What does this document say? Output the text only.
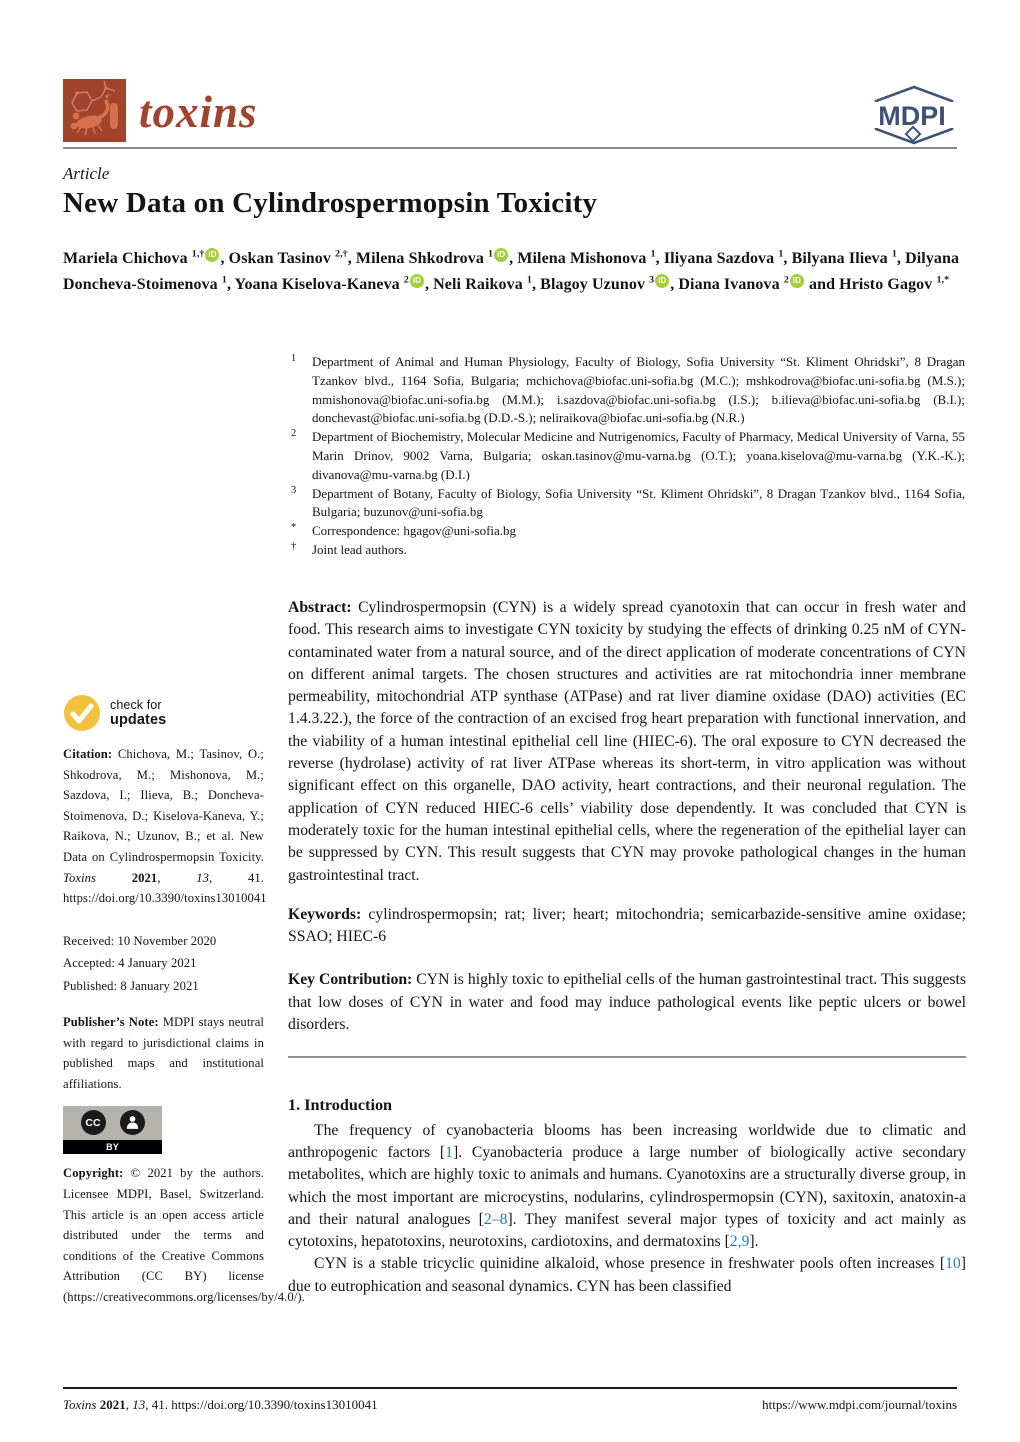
toxins	MDPI
Article
New Data on Cylindrospermopsin Toxicity
Mariela Chichova $^{1,\dagger}$ iD , Oskan Tasinov $^{2,\dagger}$, Milena Shkodrova $^1$ iD , Milena Mishonova $^1$, Iliyana Sazdova $^1$, Bilyana Ilieva $^1$, Dilyana Doncheva-Stoimenova $^1$, Yoana Kiselova-Kaneva $^2$ iD , Neli Raikova $^1$, Blagoy Uzunov $^3$ iD , Diana Ivanova $^2$ iD and Hristo Gagov $^{1,*}$
1 Department of Animal and Human Physiology, Faculty of Biology, Sofia University “St. Kliment Ohridski”, 8 Dragan Tzankov blvd., 1164 Sofia, Bulgaria; mchichova@biofac.uni-sofia.bg (M.C.); mshkodrova@biofac.uni-sofia.bg (M.S.); mmishonova@biofac.uni-sofia.bg (M.M.); i.sazdova@biofac.uni-sofia.bg (I.S.); b.ilieva@biofac.uni-sofia.bg (B.I.); donchevast@biofac.uni-sofia.bg (D.D.-S.); neliraikova@biofac.uni-sofia.bg (N.R.)
2 Department of Biochemistry, Molecular Medicine and Nutrigenomics, Faculty of Pharmacy, Medical University of Varna, 55 Marin Drinov, 9002 Varna, Bulgaria; oskan.tasinov@mu-varna.bg (O.T.); yoana.kiselova@mu-varna.bg (Y.K.-K.); divanova@mu-varna.bg (D.I.)
3 Department of Botany, Faculty of Biology, Sofia University “St. Kliment Ohridski”, 8 Dragan Tzankov blvd., 1164 Sofia, Bulgaria; buzunov@uni-sofia.bg
* Correspondence: hgagov@uni-sofia.bg
† Joint lead authors.
check for
updates
Citation: Chichova, M.; Tasinov, O.; Shkodrova, M.; Mishonova, M.; Sazdova, I.; Ilieva, B.; Doncheva-Stoimenova, D.; Kiselova-Kaneva, Y.; Raikova, N.; Uzunov, B.; et al. New Data on Cylindrospermopsin Toxicity. Toxins 2021, 13, 41. https://doi.org/10.3390/toxins13010041
Received: 10 November 2020
Accepted: 4 January 2021
Published: 8 January 2021
Publisher’s Note: MDPI stays neutral with regard to jurisdictional claims in published maps and institutional affiliations.
CC
BY
Copyright: © 2021 by the authors. Licensee MDPI, Basel, Switzerland. This article is an open access article distributed under the terms and conditions of the Creative Commons Attribution (CC BY) license (https://creativecommons.org/licenses/by/4.0/).
Abstract: Cylindrospermopsin (CYN) is a widely spread cyanotoxin that can occur in fresh water and food. This research aims to investigate CYN toxicity by studying the effects of drinking 0.25 nM of CYN-contaminated water from a natural source, and of the direct application of moderate concentrations of CYN on different animal targets. The chosen structures and activities are rat mitochondria inner membrane permeability, mitochondrial ATP synthase (ATPase) and rat liver diamine oxidase (DAO) activities (EC 1.4.3.22.), the force of the contraction of an excised frog heart preparation with functional innervation, and the viability of a human intestinal epithelial cell line (HIEC-6). The oral exposure to CYN decreased the reverse (hydrolase) activity of rat liver ATPase whereas its short-term, in vitro application was without significant effect on this organelle, DAO activity, heart contractions, and their neuronal regulation. The application of CYN reduced HIEC-6 cells’ viability dose dependently. It was concluded that CYN is moderately toxic for the human intestinal epithelial cells, where the regeneration of the epithelial layer can be suppressed by CYN. This result suggests that CYN may provoke pathological changes in the human gastrointestinal tract.
Keywords: cylindrospermopsin; rat; liver; heart; mitochondria; semicarbazide-sensitive amine oxidase; SSAO; HIEC-6
Key Contribution: CYN is highly toxic to epithelial cells of the human gastrointestinal tract. This suggests that low doses of CYN in water and food may induce pathological events like peptic ulcers or bowel disorders.
1. Introduction

The frequency of cyanobacteria blooms has been increasing worldwide due to climatic and anthropogenic factors [1]. Cyanobacteria produce a large number of biologically active secondary metabolites, which are highly toxic to animals and humans. Cyanotoxins are a structurally diverse group, in which the most important are microcystins, nodularins, cylindrospermopsin (CYN), saxitoxin, anatoxin-a and their natural analogues [2–8]. They manifest several major types of toxicity and act mainly as cytotoxins, hepatotoxins, neurotoxins, cardiotoxins, and dermatoxins [2,9].

CYN is a stable tricyclic quinidine alkaloid, whose presence in freshwater pools often increases [10] due to eutrophication and seasonal dynamics. CYN has been classified

Toxins 2021, 13, 41. https://doi.org/10.3390/toxins13010041	https://www.mdpi.com/journal/toxins
